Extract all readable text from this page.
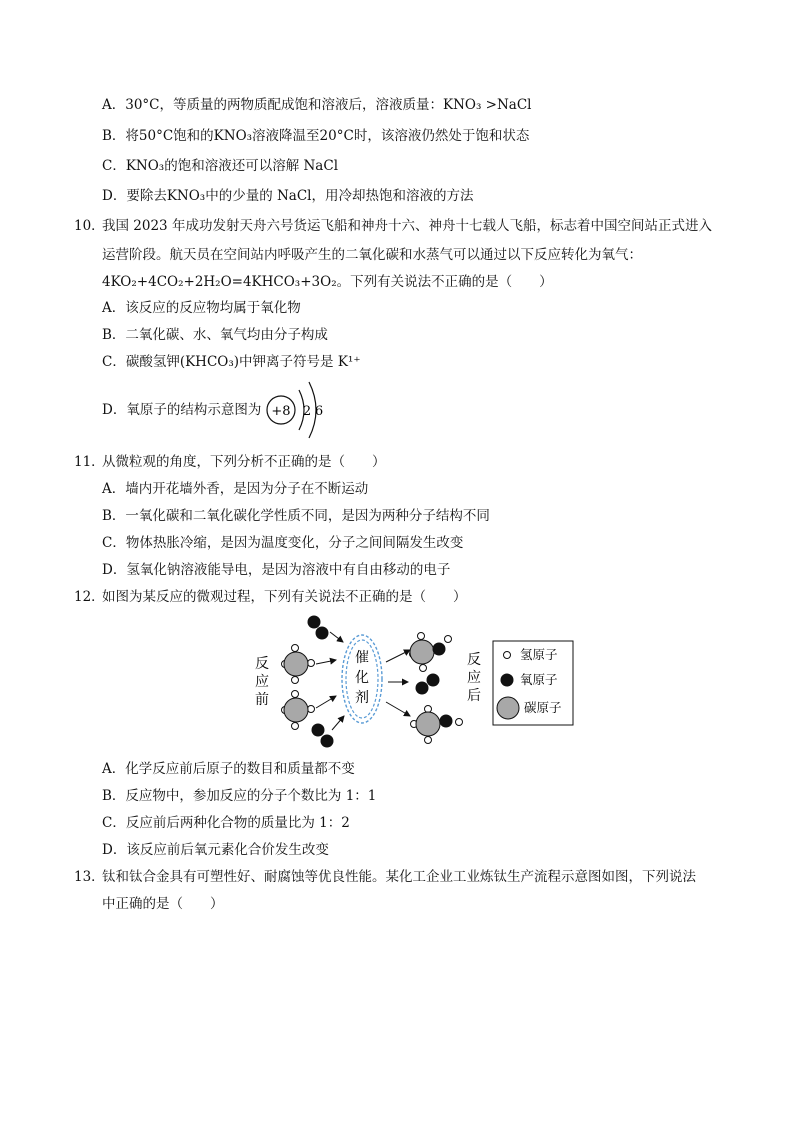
A．30°C，等质量的两物质配成饱和溶液后，溶液质量：KNO₃ >NaCl
B．将50°C饱和的KNO₃溶液降温至20°C时，该溶液仍然处于饱和状态
C．KNO₃的饱和溶液还可以溶解 NaCl
D．要除去KNO₃中的少量的 NaCl，用冷却热饱和溶液的方法
10．
我国 2023 年成功发射天舟六号货运飞船和神舟十六、神舟十七载人飞船，标志着中国空间站正式进入
运营阶段。航天员在空间站内呼吸产生的二氧化碳和水蒸气可以通过以下反应转化为氧气：
4KO₂+4CO₂+2H₂O=4KHCO₃+3O₂。下列有关说法不正确的是（　　）
A．该反应的反应物均属于氧化物
B．二氧化碳、水、氧气均由分子构成
C．碳酸氢钾(KHCO₃)中钾离子符号是 K¹⁺
D．氧原子的结构示意图为 +8 2 6
11．
从微粒观的角度，下列分析不正确的是（　　）
A．墙内开花墙外香，是因为分子在不断运动
B．一氧化碳和二氧化碳化学性质不同，是因为两种分子结构不同
C．物体热胀冷缩，是因为温度变化，分子之间间隔发生改变
D．氢氧化钠溶液能导电，是因为溶液中有自由移动的电子
12．
如图为某反应的微观过程，下列有关说法不正确的是（　　）
反
应
前
催
化
剂
反
应
后
氢原子
氧原子
碳原子
A．化学反应前后原子的数目和质量都不变
B．反应物中，参加反应的分子个数比为 1：1
C．反应前后两种化合物的质量比为 1：2
D．该反应前后氧元素化合价发生改变
13．
钛和钛合金具有可塑性好、耐腐蚀等优良性能。某化工企业工业炼钛生产流程示意图如图，下列说法
中正确的是（　　）
